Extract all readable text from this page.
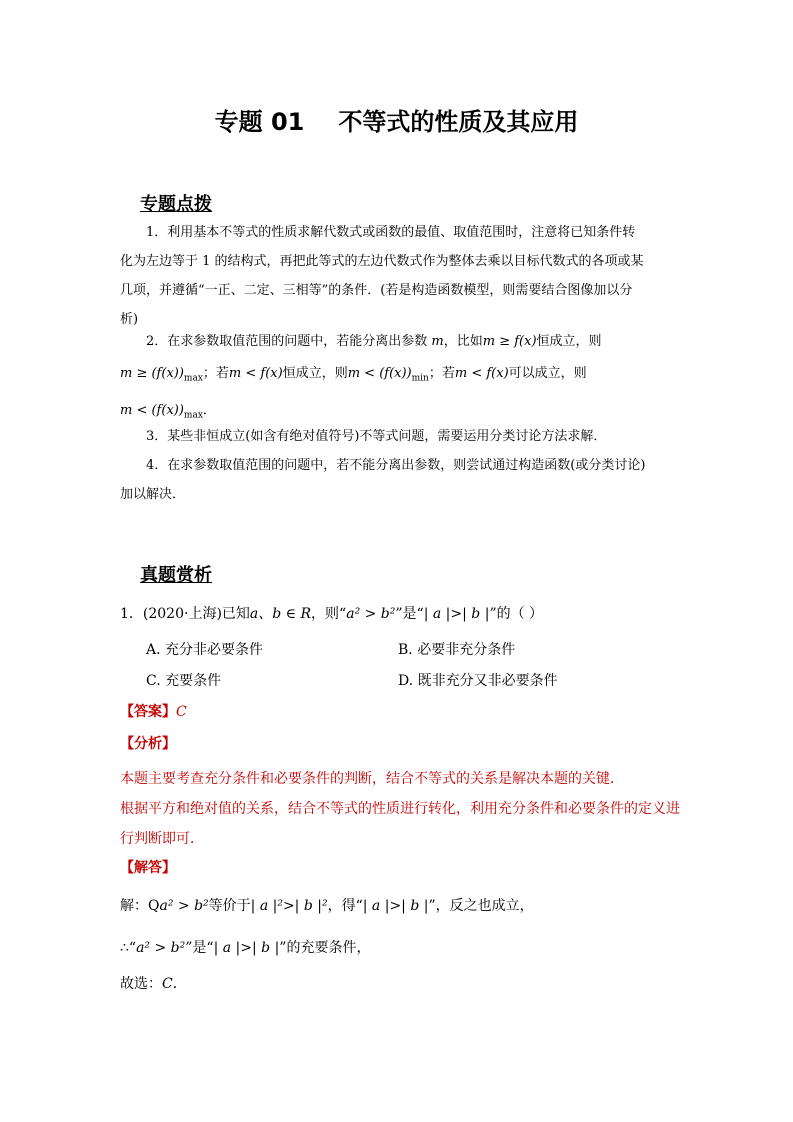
专题 01 不等式的性质及其应用
专题点拨
1．利用基本不等式的性质求解代数式或函数的最值、取值范围时，注意将已知条件转
化为左边等于 1 的结构式，再把此等式的左边代数式作为整体去乘以目标代数式的各项或某
几项，并遵循“一正、二定、三相等”的条件．(若是构造函数模型，则需要结合图像加以分
析)
2．在求参数取值范围的问题中，若能分离出参数 m，比如m ≥ f(x)恒成立，则
$m \ge (f(x))_{max}$；若m < f(x)恒成立，则$m < (f(x))_{min}$；若m < f(x)可以成立，则
$m < (f(x))_{max}$．
3．某些非恒成立(如含有绝对值符号)不等式问题，需要运用分类讨论方法求解．
4．在求参数取值范围的问题中，若不能分离出参数，则尝试通过构造函数(或分类讨论)
加以解决．
真题赏析
1．(2020·上海)已知a、b ∈ R，则“a² > b²”是“| a |>| b |”的（ ）
A. 充分非必要条件	B. 必要非充分条件
C. 充要条件	D. 既非充分又非必要条件
【答案】C
【分析】
本题主要考查充分条件和必要条件的判断，结合不等式的关系是解决本题的关键．
根据平方和绝对值的关系，结合不等式的性质进行转化，利用充分条件和必要条件的定义进
行判断即可．
【解答】
解：Qa² > b²等价于| a |²>| b |²，得“| a |>| b |”，反之也成立，
∴“a² > b²”是“| a |>| b |”的充要条件，
故选：C．
